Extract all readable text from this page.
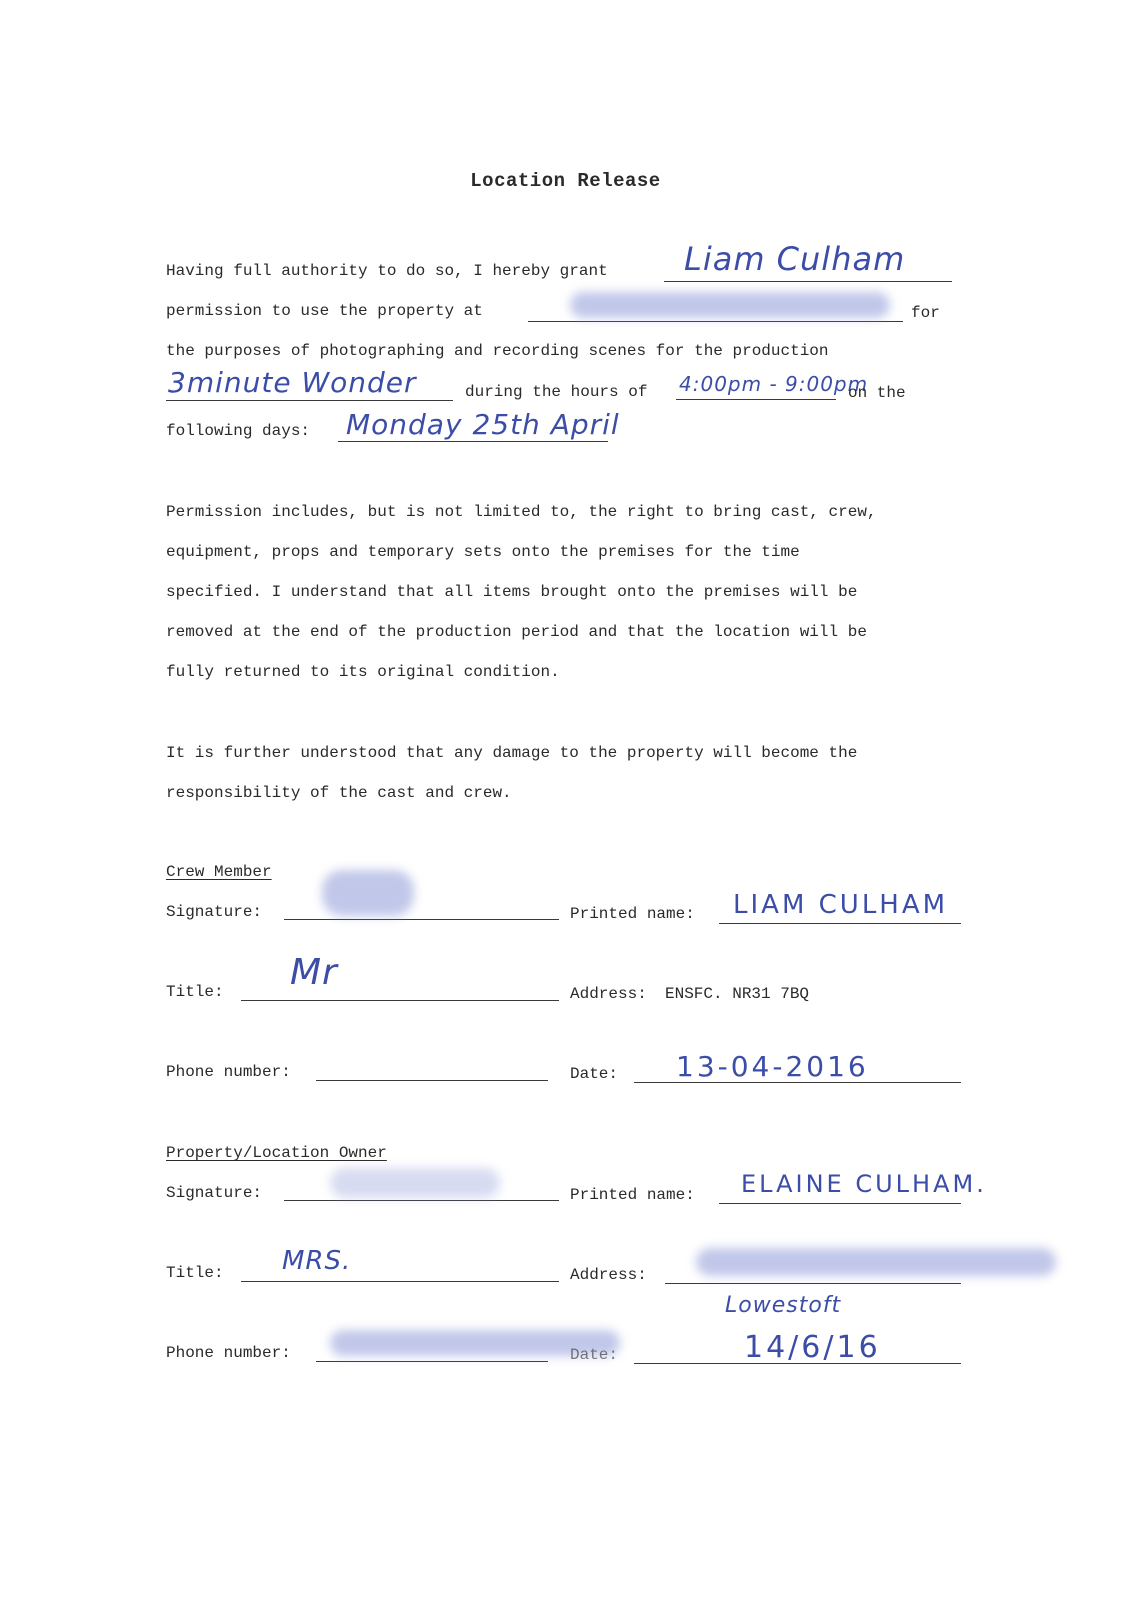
Location Release
Having full authority to do so, I hereby grant Liam Culham
permission to use the property at	for
the purposes of photographing and recording scenes for the production
3minute Wonder	during the hours of 4:00pm - 9:00pm
on the
following days: Monday 25th April
Permission includes, but is not limited to, the right to bring cast, crew,
equipment, props and temporary sets onto the premises for the time
specified. I understand that all items brought onto the premises will be
removed at the end of the production period and that the location will be
fully returned to its original condition.
It is further understood that any damage to the property will become the
responsibility of the cast and crew.
Crew Member
Signature:	Printed name: LIAM CULHAM
Title: Mr
Address: ENSFC. NR31 7BQ
Phone number:	Date: 13-04-2016
Property/Location Owner
Signature:	Printed name: ELAINE CULHAM.
Title: MRS.	Address:
Lowestoft
Phone number:	Date:	14/6/16
